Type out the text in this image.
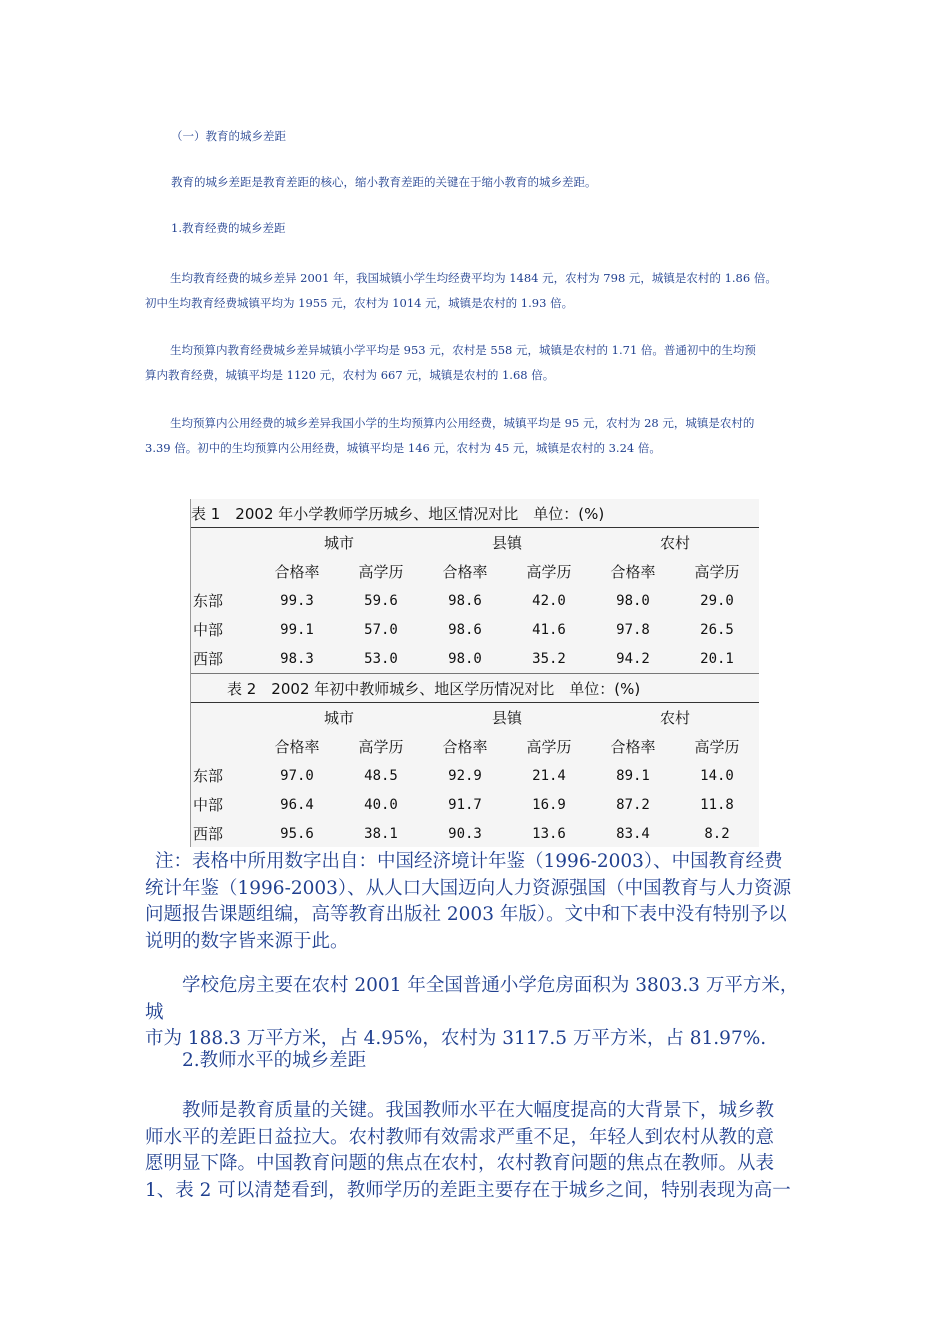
（一）教育的城乡差距
教育的城乡差距是教育差距的核心，缩小教育差距的关键在于缩小教育的城乡差距。
1.教育经费的城乡差距

生均教育经费的城乡差异 2001 年，我国城镇小学生均经费平均为 1484 元，农村为 798 元，城镇是农村的 1.86 倍。

初中生均教育经费城镇平均为 1955 元，农村为 1014 元，城镇是农村的 1.93 倍。

生均预算内教育经费城乡差异城镇小学平均是 953 元，农村是 558 元，城镇是农村的 1.71 倍。普通初中的生均预

算内教育经费，城镇平均是 1120 元，农村为 667 元，城镇是农村的 1.68 倍。

生均预算内公用经费的城乡差异我国小学的生均预算内公用经费，城镇平均是 95 元，农村为 28 元，城镇是农村的

3.39 倍。初中的生均预算内公用经费，城镇平均是 146 元，农村为 45 元，城镇是农村的 3.24 倍。

表 1　2002 年小学教师学历城乡、地区情况对比　单位：(%)						
	城市		县镇		农村	
	合格率	高学历	合格率	高学历	合格率	高学历
东部	99.3	59.6	98.6	42.0	98.0	29.0
中部	99.1	57.0	98.6	41.6	97.8	26.5
西部	98.3	53.0	98.0	35.2	94.2	20.1
表 2　2002 年初中教师城乡、地区学历情况对比　单位：(%)						
	城市		县镇		农村	
	合格率	高学历	合格率	高学历	合格率	高学历
东部	97.0	48.5	92.9	21.4	89.1	14.0
中部	96.4	40.0	91.7	16.9	87.2	11.8
西部	95.6	38.1	90.3	13.6	83.4	8.2

注：表格中所用数字出自：中国经济境计年鉴（1996-2003）、中国教育经费

统计年鉴（1996-2003）、从人口大国迈向人力资源强国（中国教育与人力资源

问题报告课题组编，高等教育出版社 2003 年版）。文中和下表中没有特别予以

说明的数字皆来源于此。

学校危房主要在农村 2001 年全国普通小学危房面积为 3803.3 万平方米，城

市为 188.3 万平方米，占 4.95%，农村为 3117.5 万平方米，占 81.97%.

2.教师水平的城乡差距

教师是教育质量的关键。我国教师水平在大幅度提高的大背景下，城乡教

师水平的差距日益拉大。农村教师有效需求严重不足，年轻人到农村从教的意

愿明显下降。中国教育问题的焦点在农村，农村教育问题的焦点在教师。从表

1、表 2 可以清楚看到，教师学历的差距主要存在于城乡之间，特别表现为高一
